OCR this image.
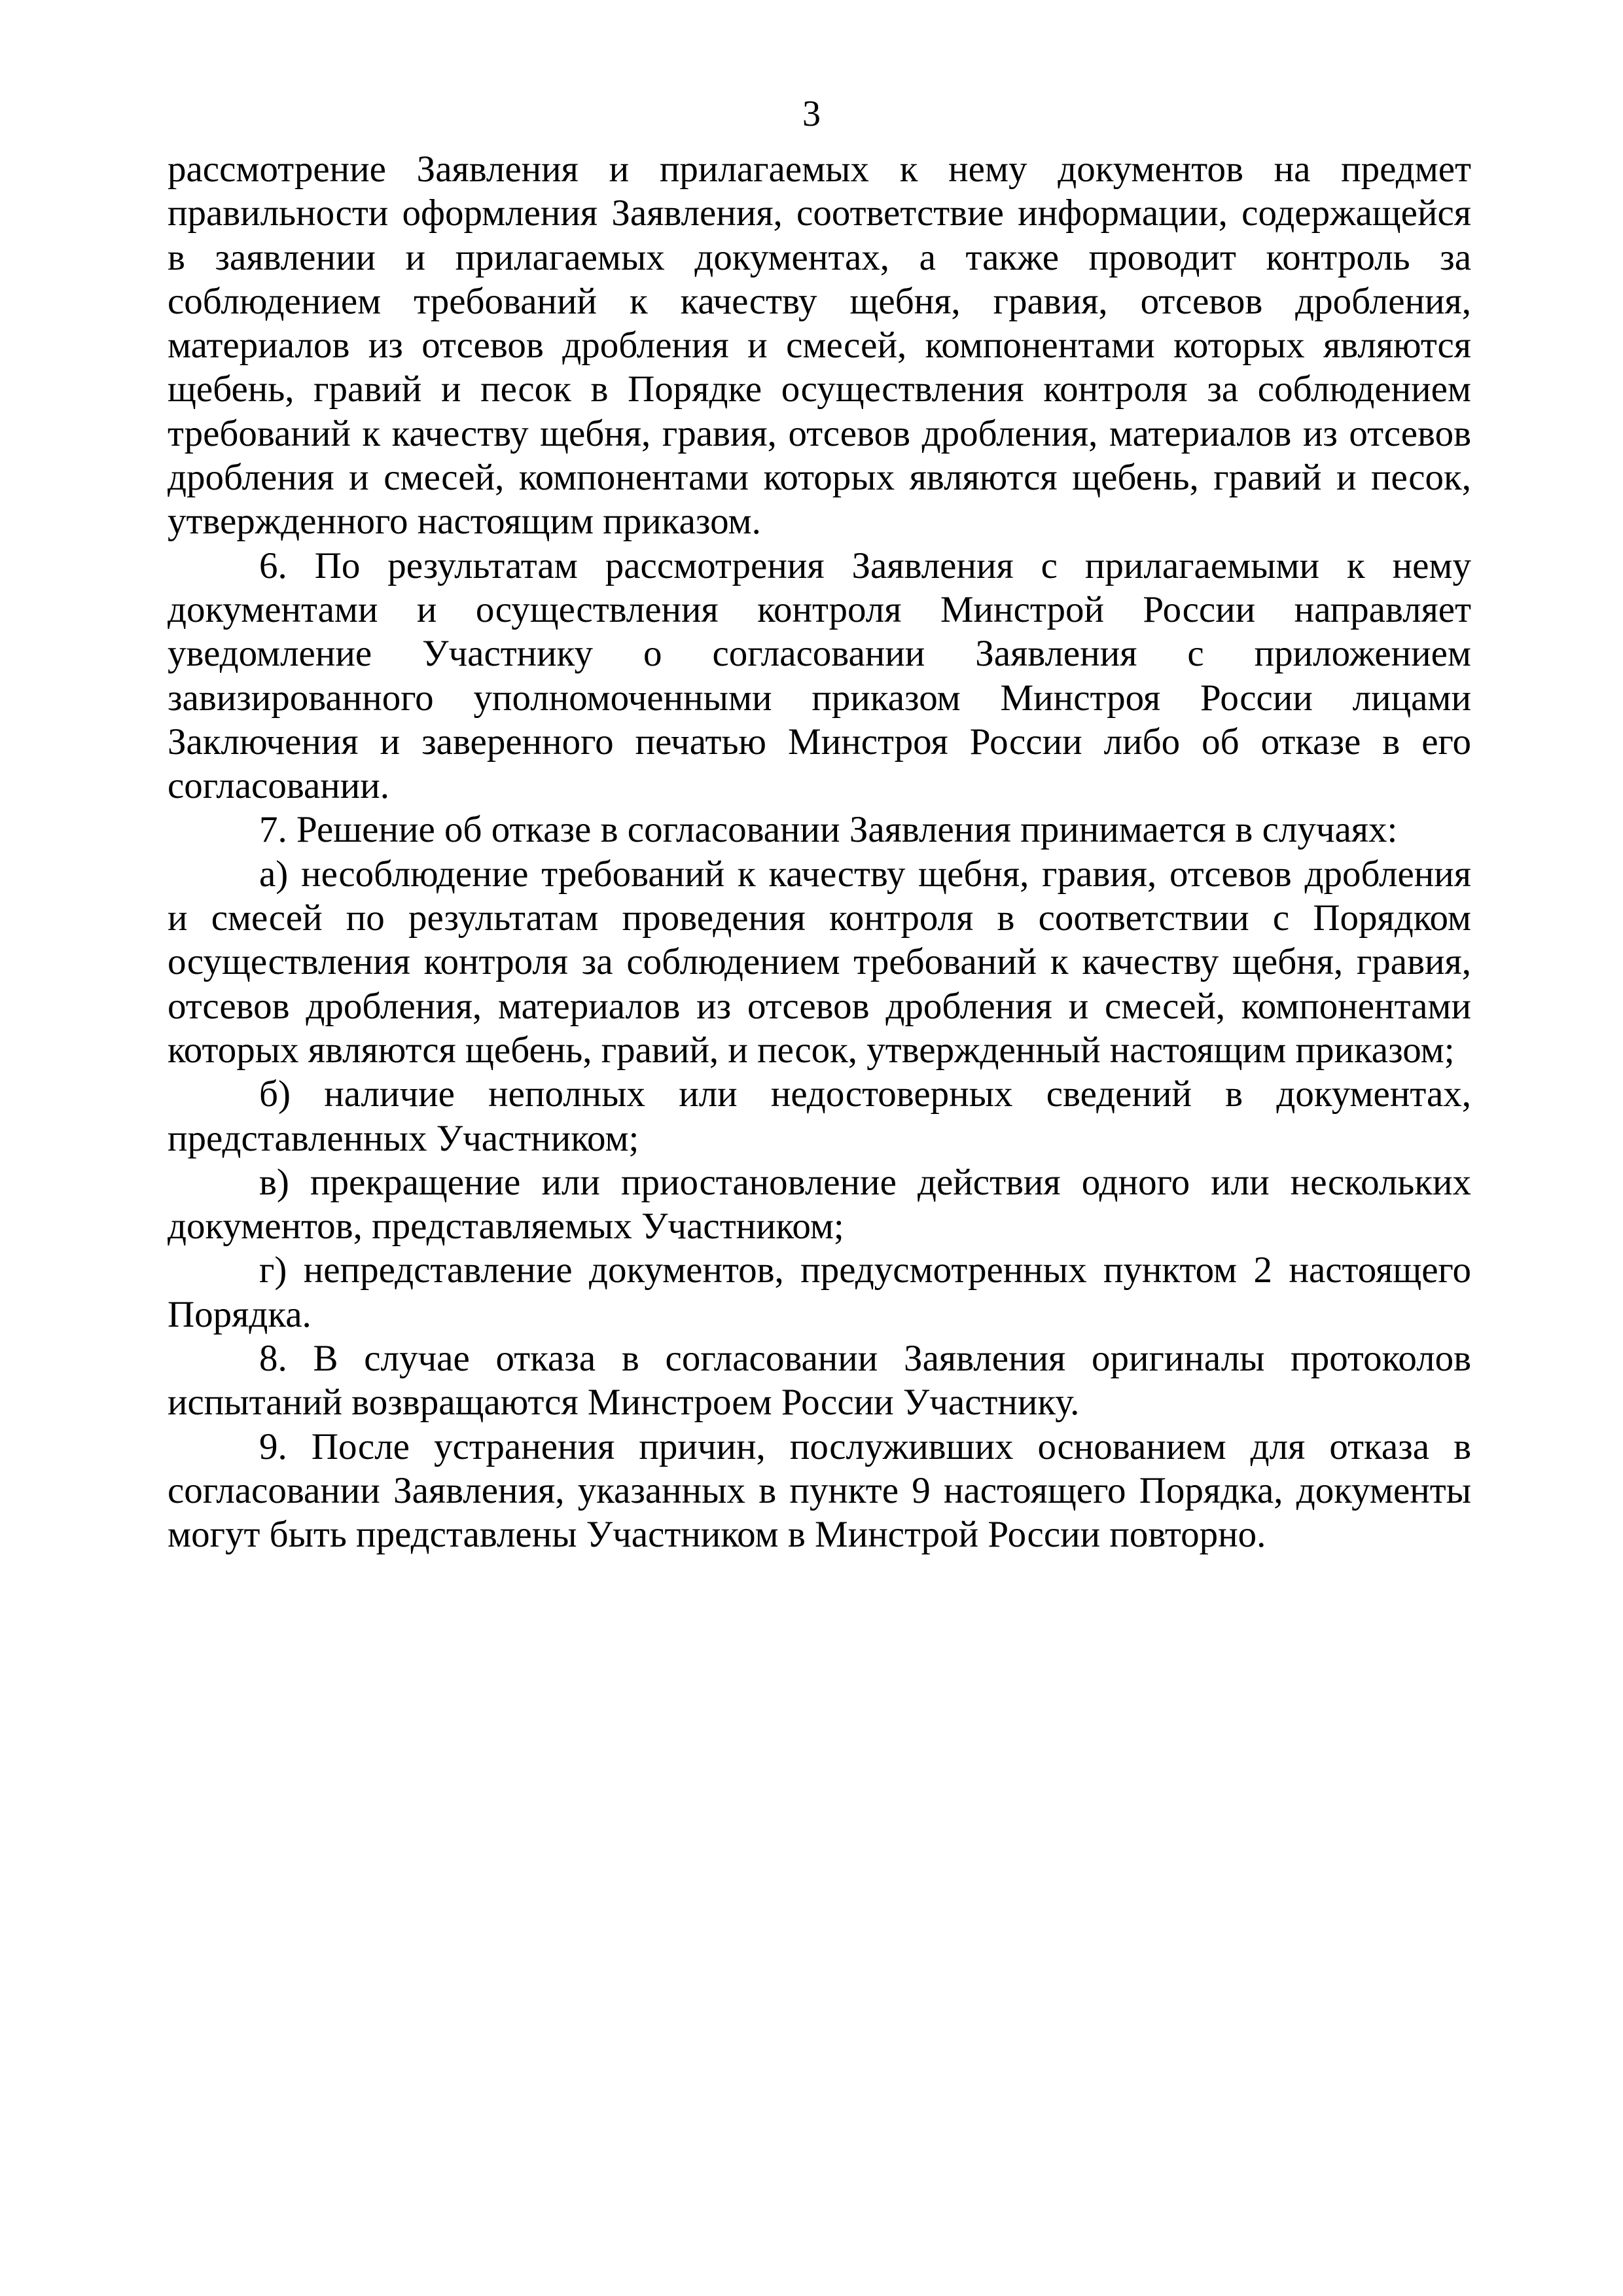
3

рассмотрение Заявления и прилагаемых к нему документов на предмет правильности оформления Заявления, соответствие информации, содержащейся в заявлении и прилагаемых документах, а также проводит контроль за соблюдением требований к качеству щебня, гравия, отсевов дробления, материалов из отсевов дробления и смесей, компонентами которых являются щебень, гравий и песок в Порядке осуществления контроля за соблюдением требований к качеству щебня, гравия, отсевов дробления, материалов из отсевов дробления и смесей, компонентами которых являются щебень, гравий и песок, утвержденного настоящим приказом.

6. По результатам рассмотрения Заявления с прилагаемыми к нему документами и осуществления контроля Минстрой России направляет уведомление Участнику о согласовании Заявления с приложением завизированного уполномоченными приказом Минстроя России лицами Заключения и заверенного печатью Минстроя России либо об отказе в его согласовании.

7. Решение об отказе в согласовании Заявления принимается в случаях:

а) несоблюдение требований к качеству щебня, гравия, отсевов дробления и смесей по результатам проведения контроля в соответствии с Порядком осуществления контроля за соблюдением требований к качеству щебня, гравия, отсевов дробления, материалов из отсевов дробления и смесей, компонентами которых являются щебень, гравий, и песок, утвержденный настоящим приказом;

б) наличие неполных или недостоверных сведений в документах, представленных Участником;

в) прекращение или приостановление действия одного или нескольких документов, представляемых Участником;

г) непредставление документов, предусмотренных пунктом 2 настоящего Порядка.

8. В случае отказа в согласовании Заявления оригиналы протоколов испытаний возвращаются Минстроем России Участнику.

9. После устранения причин, послуживших основанием для отказа в согласовании Заявления, указанных в пункте 9 настоящего Порядка, документы могут быть представлены Участником в Минстрой России повторно.
